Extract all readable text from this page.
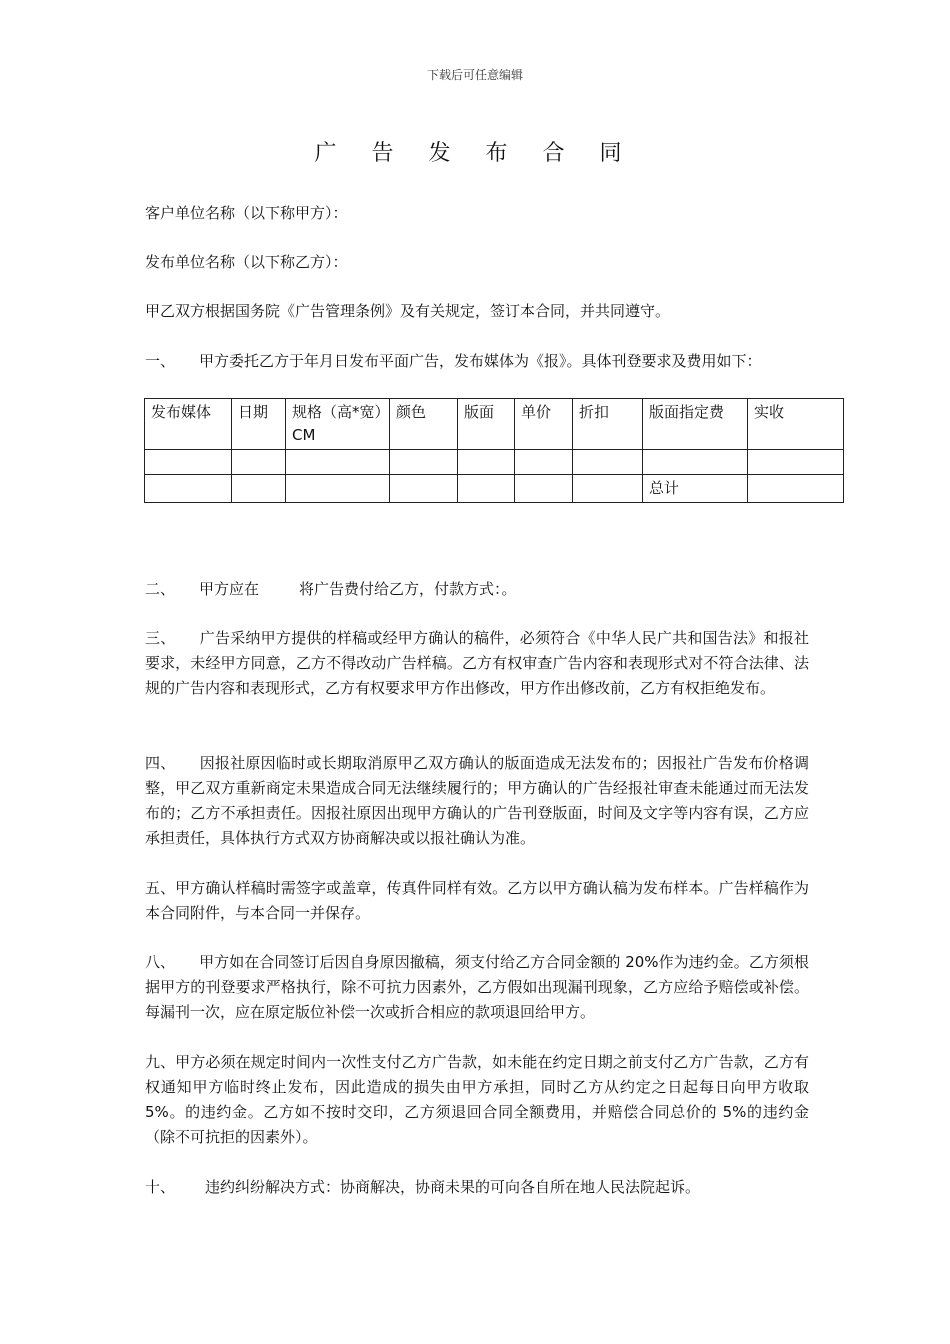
下载后可任意编辑
广 告 发 布 合 同
客户单位名称（以下称甲方）：
发布单位名称（以下称乙方）：
甲乙双方根据国务院《广告管理条例》及有关规定，签订本合同，并共同遵守。
一、 甲方委托乙方于年月日发布平面广告，发布媒体为《报》。具体刊登要求及费用如下：
发布媒体	日期	规格（高*宽）CM	颜色	版面	单价	折扣	版面指定费	实收

							总计	
二、 甲方应在	将广告费付给乙方，付款方式：。
三、 广告采纳甲方提供的样稿或经甲方确认的稿件，必须符合《中华人民广共和国告法》和报社要求，未经甲方同意，乙方不得改动广告样稿。乙方有权审查广告内容和表现形式对不符合法律、法规的广告内容和表现形式，乙方有权要求甲方作出修改，甲方作出修改前，乙方有权拒绝发布。
四、 因报社原因临时或长期取消原甲乙双方确认的版面造成无法发布的；因报社广告发布价格调整，甲乙双方重新商定未果造成合同无法继续履行的；甲方确认的广告经报社审查未能通过而无法发布的；乙方不承担责任。因报社原因出现甲方确认的广告刊登版面，时间及文字等内容有误，乙方应承担责任，具体执行方式双方协商解决或以报社确认为准。
五、甲方确认样稿时需签字或盖章，传真件同样有效。乙方以甲方确认稿为发布样本。广告样稿作为本合同附件，与本合同一并保存。
八、 甲方如在合同签订后因自身原因撤稿，须支付给乙方合同金额的 20%作为违约金。乙方须根据甲方的刊登要求严格执行，除不可抗力因素外，乙方假如出现漏刊现象，乙方应给予赔偿或补偿。每漏刊一次，应在原定版位补偿一次或折合相应的款项退回给甲方。
九、甲方必须在规定时间内一次性支付乙方广告款，如未能在约定日期之前支付乙方广告款，乙方有权通知甲方临时终止发布，因此造成的损失由甲方承担，同时乙方从约定之日起每日向甲方收取 5%。的违约金。乙方如不按时交印，乙方须退回合同全额费用，并赔偿合同总价的 5%的违约金（除不可抗拒的因素外）。
十、 违约纠纷解决方式：协商解决，协商未果的可向各自所在地人民法院起诉。
